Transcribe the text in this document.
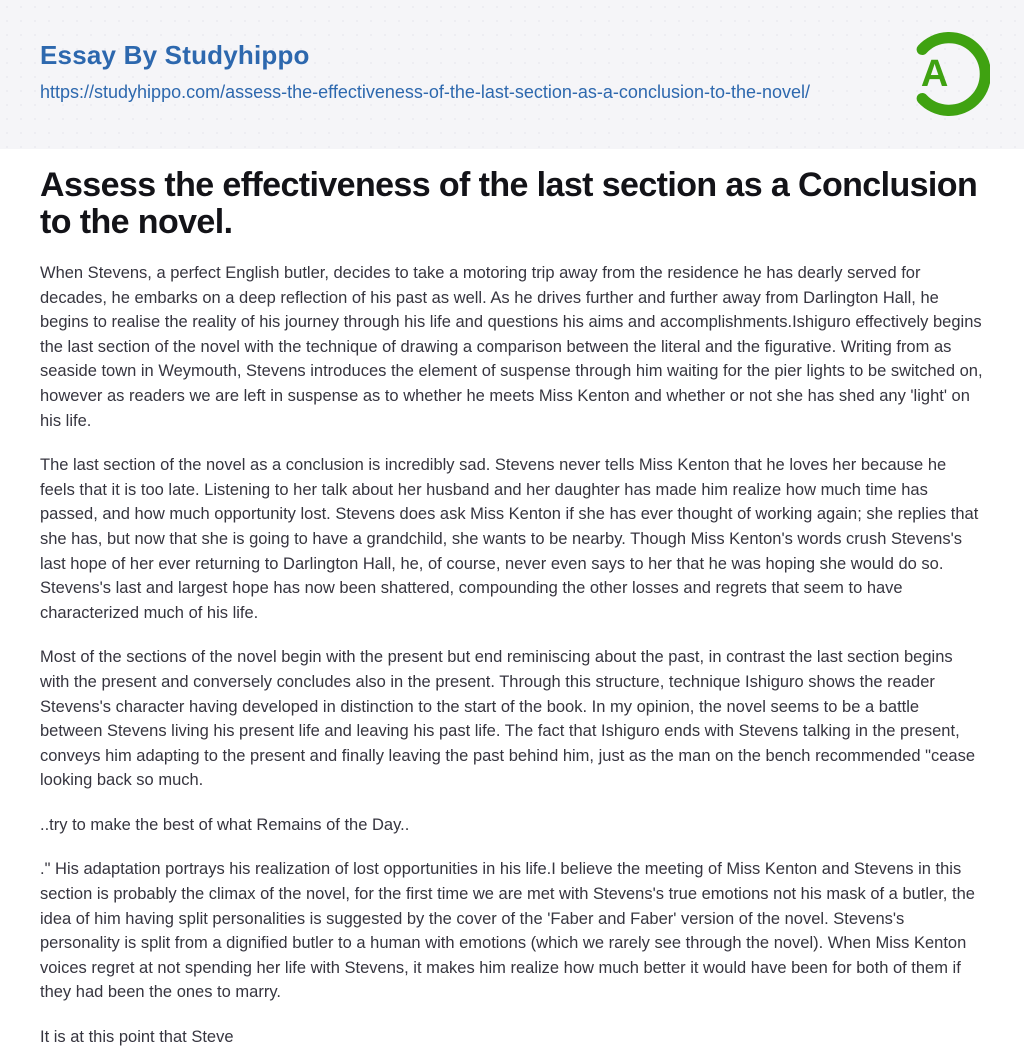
Essay By Studyhippo
https://studyhippo.com/assess-the-effectiveness-of-the-last-section-as-a-conclusion-to-the-novel/	A
Assess the effectiveness of the last section as a Conclusion to the novel.

When Stevens, a perfect English butler, decides to take a motoring trip away from the residence he has dearly served for decades, he embarks on a deep reflection of his past as well. As he drives further and further away from Darlington Hall, he begins to realise the reality of his journey through his life and questions his aims and accomplishments.Ishiguro effectively begins the last section of the novel with the technique of drawing a comparison between the literal and the figurative. Writing from as seaside town in Weymouth, Stevens introduces the element of suspense through him waiting for the pier lights to be switched on, however as readers we are left in suspense as to whether he meets Miss Kenton and whether or not she has shed any 'light' on his life.

The last section of the novel as a conclusion is incredibly sad. Stevens never tells Miss Kenton that he loves her because he feels that it is too late. Listening to her talk about her husband and her daughter has made him realize how much time has passed, and how much opportunity lost. Stevens does ask Miss Kenton if she has ever thought of working again; she replies that she has, but now that she is going to have a grandchild, she wants to be nearby. Though Miss Kenton's words crush Stevens's last hope of her ever returning to Darlington Hall, he, of course, never even says to her that he was hoping she would do so. Stevens's last and largest hope has now been shattered, compounding the other losses and regrets that seem to have characterized much of his life.

Most of the sections of the novel begin with the present but end reminiscing about the past, in contrast the last section begins with the present and conversely concludes also in the present. Through this structure, technique Ishiguro shows the reader Stevens's character having developed in distinction to the start of the book. In my opinion, the novel seems to be a battle between Stevens living his present life and leaving his past life. The fact that Ishiguro ends with Stevens talking in the present, conveys him adapting to the present and finally leaving the past behind him, just as the man on the bench recommended "cease looking back so much.

..try to make the best of what Remains of the Day..

." His adaptation portrays his realization of lost opportunities in his life.I believe the meeting of Miss Kenton and Stevens in this section is probably the climax of the novel, for the first time we are met with Stevens's true emotions not his mask of a butler, the idea of him having split personalities is suggested by the cover of the 'Faber and Faber' version of the novel. Stevens's personality is split from a dignified butler to a human with emotions (which we rarely see through the novel). When Miss Kenton voices regret at not spending her life with Stevens, it makes him realize how much better it would have been for both of them if they had been the ones to marry.

It is at this point that Steve
